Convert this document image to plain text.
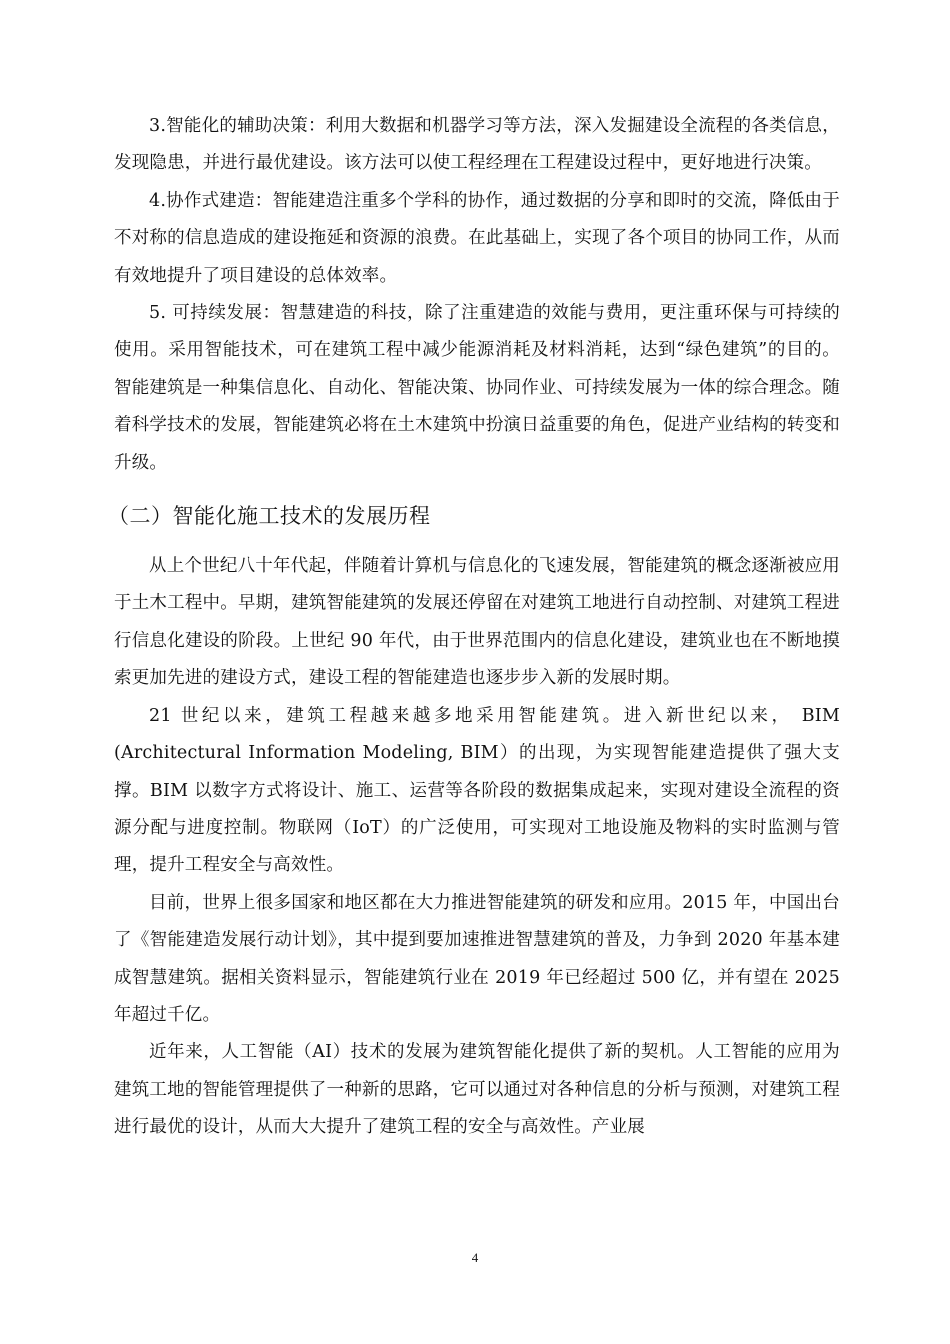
3.智能化的辅助决策：利用大数据和机器学习等方法，深入发掘建设全流程的各类信息，发现隐患，并进行最优建设。该方法可以使工程经理在工程建设过程中，更好地进行决策。

4.协作式建造：智能建造注重多个学科的协作，通过数据的分享和即时的交流，降低由于不对称的信息造成的建设拖延和资源的浪费。在此基础上，实现了各个项目的协同工作，从而有效地提升了项目建设的总体效率。

5. 可持续发展：智慧建造的科技，除了注重建造的效能与费用，更注重环保与可持续的使用。采用智能技术，可在建筑工程中减少能源消耗及材料消耗，达到“绿色建筑”的目的。智能建筑是一种集信息化、自动化、智能决策、协同作业、可持续发展为一体的综合理念。随着科学技术的发展，智能建筑必将在土木建筑中扮演日益重要的角色，促进产业结构的转变和升级。

（二）智能化施工技术的发展历程

从上个世纪八十年代起，伴随着计算机与信息化的飞速发展，智能建筑的概念逐渐被应用于土木工程中。早期，建筑智能建筑的发展还停留在对建筑工地进行自动控制、对建筑工程进行信息化建设的阶段。上世纪 90 年代，由于世界范围内的信息化建设，建筑业也在不断地摸索更加先进的建设方式，建设工程的智能建造也逐步步入新的发展时期。

21 世纪以来，建筑工程越来越多地采用智能建筑。进入新世纪以来， BIM (Architectural Information Modeling, BIM）的出现，为实现智能建造提供了强大支撑。BIM 以数字方式将设计、施工、运营等各阶段的数据集成起来，实现对建设全流程的资源分配与进度控制。物联网（IoT）的广泛使用，可实现对工地设施及物料的实时监测与管理，提升工程安全与高效性。

目前，世界上很多国家和地区都在大力推进智能建筑的研发和应用。2015 年，中国出台了《智能建造发展行动计划》，其中提到要加速推进智慧建筑的普及，力争到 2020 年基本建成智慧建筑。据相关资料显示，智能建筑行业在 2019 年已经超过 500 亿，并有望在 2025 年超过千亿。

近年来，人工智能（AI）技术的发展为建筑智能化提供了新的契机。人工智能的应用为建筑工地的智能管理提供了一种新的思路，它可以通过对各种信息的分析与预测，对建筑工程进行最优的设计，从而大大提升了建筑工程的安全与高效性。产业展

4
